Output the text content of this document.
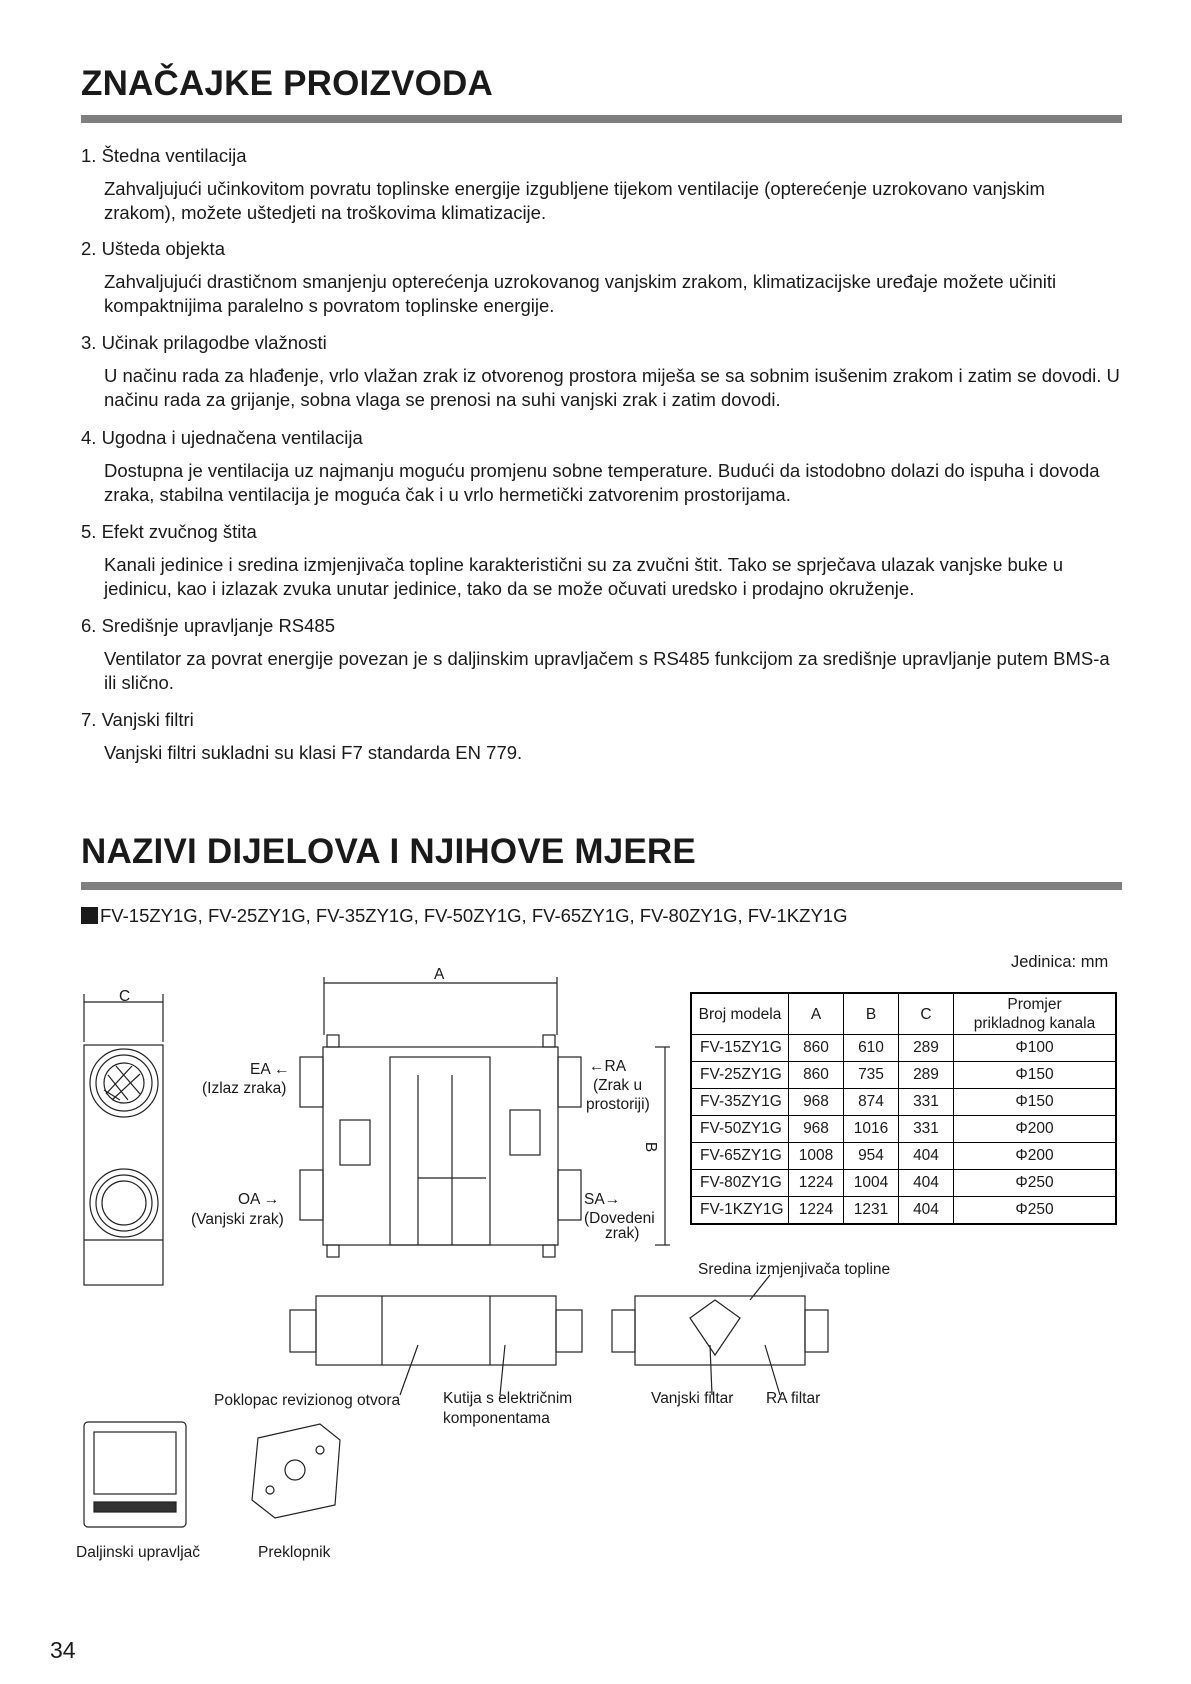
ZNAČAJKE PROIZVODA
1. Štedna ventilacija
Zahvaljujući učinkovitom povratu toplinske energije izgubljene tijekom ventilacije (opterećenje uzrokovano vanjskim zrakom), možete uštedjeti na troškovima klimatizacije.
2. Ušteda objekta
Zahvaljujući drastičnom smanjenju opterećenja uzrokovanog vanjskim zrakom, klimatizacijske uređaje možete učiniti kompaktnijima paralelno s povratom toplinske energije.
3. Učinak prilagodbe vlažnosti
U načinu rada za hlađenje, vrlo vlažan zrak iz otvorenog prostora miješa se sa sobnim isušenim zrakom i zatim se dovodi. U načinu rada za grijanje, sobna vlaga se prenosi na suhi vanjski zrak i zatim dovodi.
4. Ugodna i ujednačena ventilacija
Dostupna je ventilacija uz najmanju moguću promjenu sobne temperature. Budući da istodobno dolazi do ispuha i dovoda zraka, stabilna ventilacija je moguća čak i u vrlo hermetički zatvorenim prostorijama.
5. Efekt zvučnog štita
Kanali jedinice i sredina izmjenjivača topline karakteristični su za zvučni štit. Tako se sprječava ulazak vanjske buke u jedinicu, kao i izlazak zvuka unutar jedinice, tako da se može očuvati uredsko i prodajno okruženje.
6. Središnje upravljanje RS485
Ventilator za povrat energije povezan je s daljinskim upravljačem s RS485 funkcijom za središnje upravljanje putem BMS-a ili slično.
7. Vanjski filtri
Vanjski filtri sukladni su klasi F7 standarda EN 779.
NAZIVI DIJELOVA I NJIHOVE MJERE
FV-15ZY1G, FV-25ZY1G, FV-35ZY1G, FV-50ZY1G, FV-65ZY1G, FV-80ZY1G, FV-1KZY1G
Jedinica: mm
Broj modela	A	B	C	Promjer
prikladnog kanala
FV-15ZY1G	860	610	289	Φ100
FV-25ZY1G	860	735	289	Φ150
FV-35ZY1G	968	874	331	Φ150
FV-50ZY1G	968	1016	331	Φ200
FV-65ZY1G	1008	954	404	Φ200
FV-80ZY1G	1224	1004	404	Φ250
FV-1KZY1G	1224	1231	404	Φ250
C
A
B
EA ←
(Izlaz zraka)
OA →
(Vanjski zrak)
←RA
(Zrak u
prostoriji)
SA→
(Dovedeni
zrak)
Sredina izmjenjivača topline
Poklopac revizionog otvora	Kutija s električnim
komponentama
Vanjski filtar RA filtar
Daljinski upravljač	Preklopnik
34
